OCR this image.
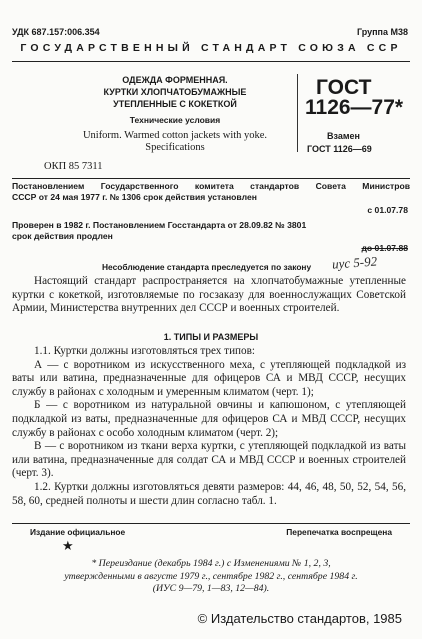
УДК 687.157:006.354	Группа М38
ГОСУДАРСТВЕННЫЙ СТАНДАРТ СОЮЗА ССР
ОДЕЖДА ФОРМЕННАЯ.
КУРТКИ ХЛОПЧАТОБУМАЖНЫЕ
УТЕПЛЕННЫЕ С КОКЕТКОЙ
Технические условия
Uniform. Warmed cotton jackets with yoke.
Specifications
ГОСТ
1126—77*
Взамен
ГОСТ 1126—69
ОКП 85 7311
Постановлением Государственного комитета стандартов Совета Министров
СССР от 24 мая 1977 г. № 1306 срок действия установлен
с 01.07.78
Проверен в 1982 г. Постановлением Госстандарта от 28.09.82 № 3801
срок действия продлен
до 01.07.88
Несоблюдение стандарта преследуется по закону иус 5-92

Настоящий стандарт распространяется на хлопчатобумажные утепленные куртки с кокеткой, изготовляемые по госзаказу для военнослужащих Советской Армии, Министерства внутренних дел СССР и военных строителей.

1. ТИПЫ И РАЗМЕРЫ

1.1. Куртки должны изготовляться трех типов:

А — с воротником из искусственного меха, с утепляющей подкладкой из ваты или ватина, предназначенные для офицеров СА и МВД СССР, несущих службу в районах с холодным и умеренным климатом (черт. 1);

Б — с воротником из натуральной овчины и капюшоном, с утепляющей подкладкой из ваты, предназначенные для офицеров СА и МВД СССР, несущих службу в районах с особо холодным климатом (черт. 2);

В — с воротником из ткани верха куртки, с утепляющей подкладкой из ваты или ватина, предназначенные для солдат СА и МВД СССР и военных строителей (черт. 3).

1.2. Куртки должны изготовляться девяти размеров: 44, 46, 48, 50, 52, 54, 56, 58, 60, средней полноты и шести длин согласно табл. 1.

Издание официальное	Перепечатка воспрещена
★
* Переиздание (декабрь 1984 г.) с Изменениями № 1, 2, 3,
утвержденными в августе 1979 г., сентябре 1982 г., сентябре 1984 г.
(ИУС 9—79, 1—83, 12—84).
© Издательство стандартов, 1985
